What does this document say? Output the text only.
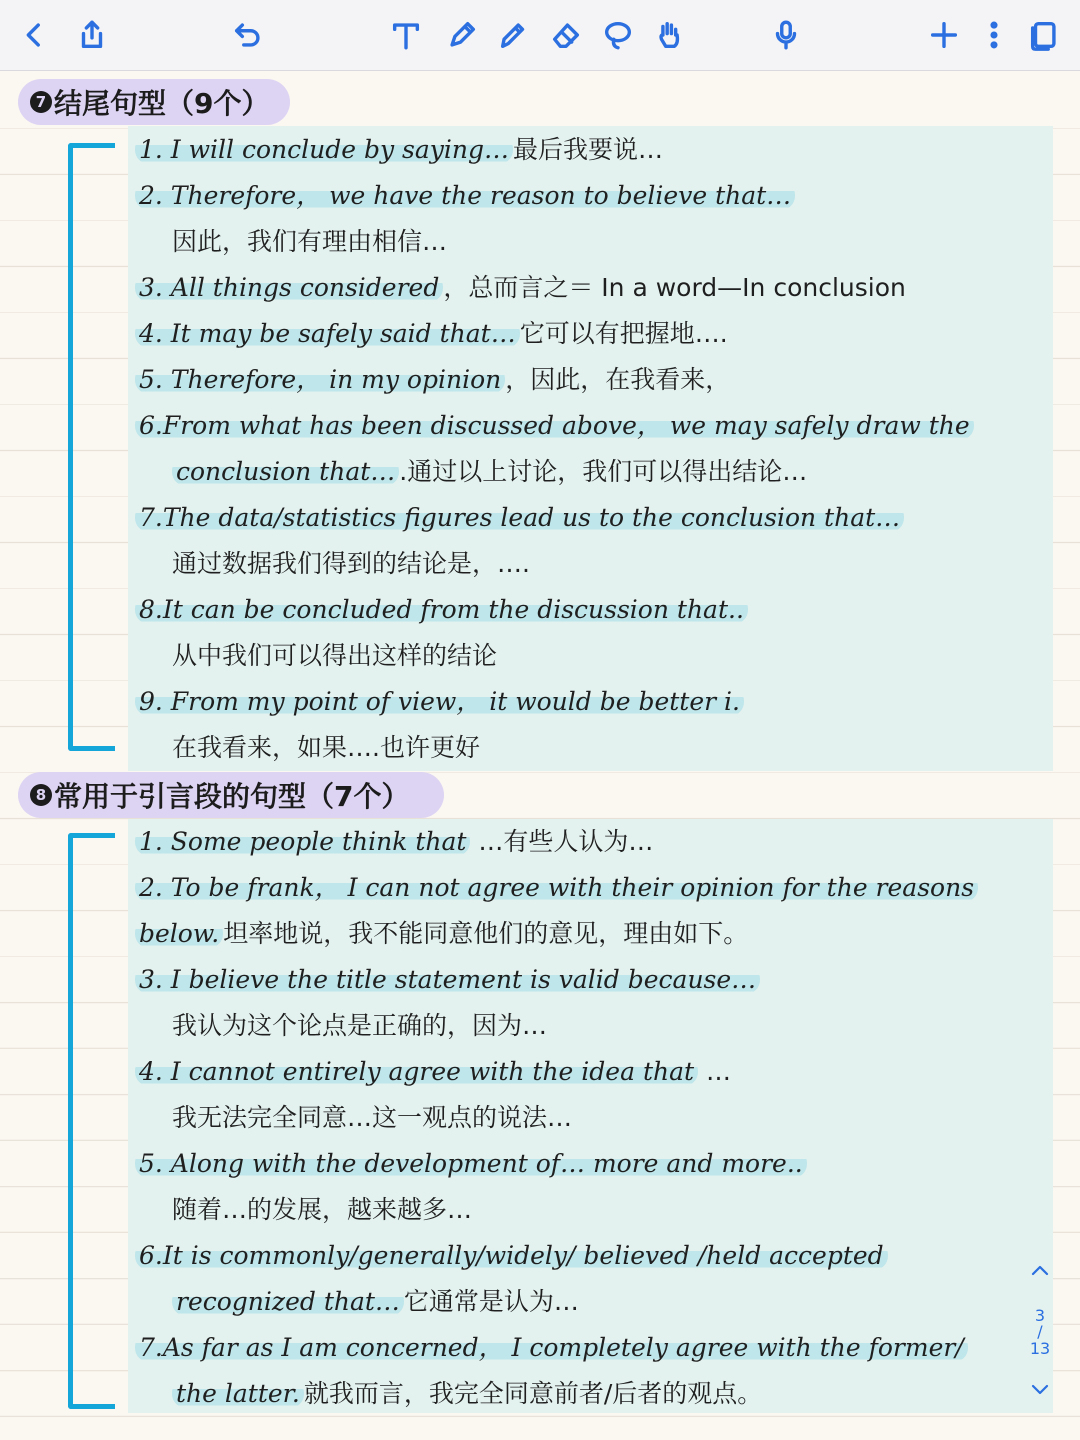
7 结尾句型（9个）
8 常用于引言段的句型（7个）
1. I will conclude by saying… 最后我要说…
2. Therefore， we have the reason to believe that…
因此，我们有理由相信…
3. All things considered ，总而言之＝ In a word—In conclusion
4. It may be safely said that… 它可以有把握地….
5. Therefore， in my opinion ，因此，在我看来，
6.From what has been discussed above， we may safely draw the
conclusion that… .通过以上讨论，我们可以得出结论…
7.The data/statistics figures lead us to the conclusion that…
通过数据我们得到的结论是，….
8.It can be concluded from the discussion that..
从中我们可以得出这样的结论
9. From my point of view， it would be better i.
在我看来，如果….也许更好
1. Some people think that …有些人认为…
2. To be frank， I can not agree with their opinion for the reasons
below. 坦率地说，我不能同意他们的意见，理由如下。
3. I believe the title statement is valid because…
我认为这个论点是正确的，因为…
4. I cannot entirely agree with the idea that …
我无法完全同意…这一观点的说法…
5. Along with the development of… more and more..
随着…的发展，越来越多…
6.It is commonly/generally/widely/ believed /held accepted
recognized that… 它通常是认为…
7.As far as I am concerned， I completely agree with the former/
the latter. 就我而言，我完全同意前者/后者的观点。
3
/
13
